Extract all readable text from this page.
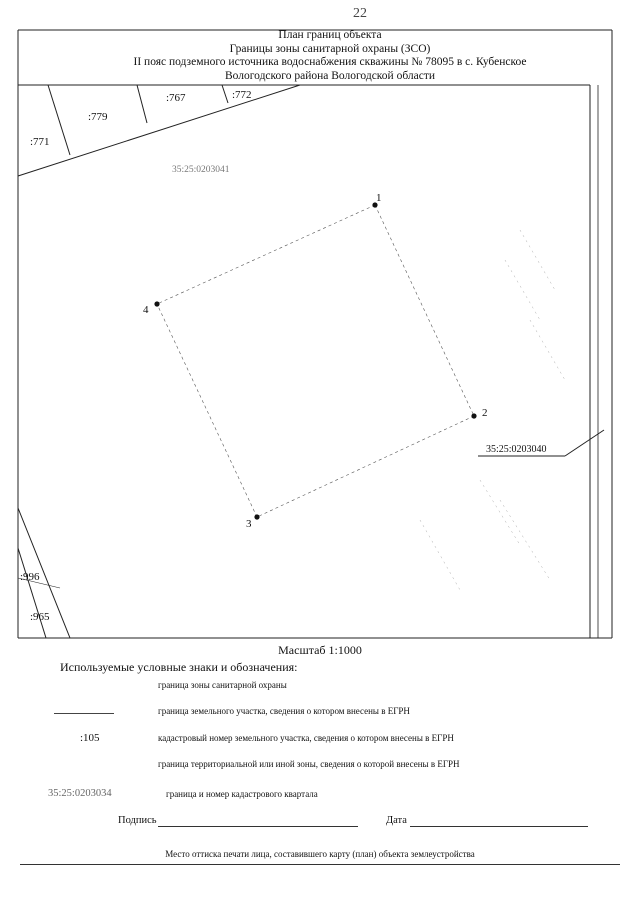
22
План границ объекта
Границы зоны санитарной охраны (ЗСО)
II пояс подземного источника водоснабжения скважины № 78095 в с. Кубенское
Вологодского района Вологодской области
1
2
3
4
:771
:779
:767	:772
:996
:965
35:25:0203041
35:25:0203040
Масштаб 1:1000
Используемые условные знаки и обозначения:
граница зоны санитарной охраны
граница земельного участка, сведения о котором внесены в ЕГРН
:105	кадастровый номер земельного участка, сведения о котором внесены в ЕГРН
граница территориальной или иной зоны, сведения о которой внесены в ЕГРН
35:25:0203034	граница и номер кадастрового квартала
Подпись	Дата
Место оттиска печати лица, составившего карту (план) объекта землеустройства
